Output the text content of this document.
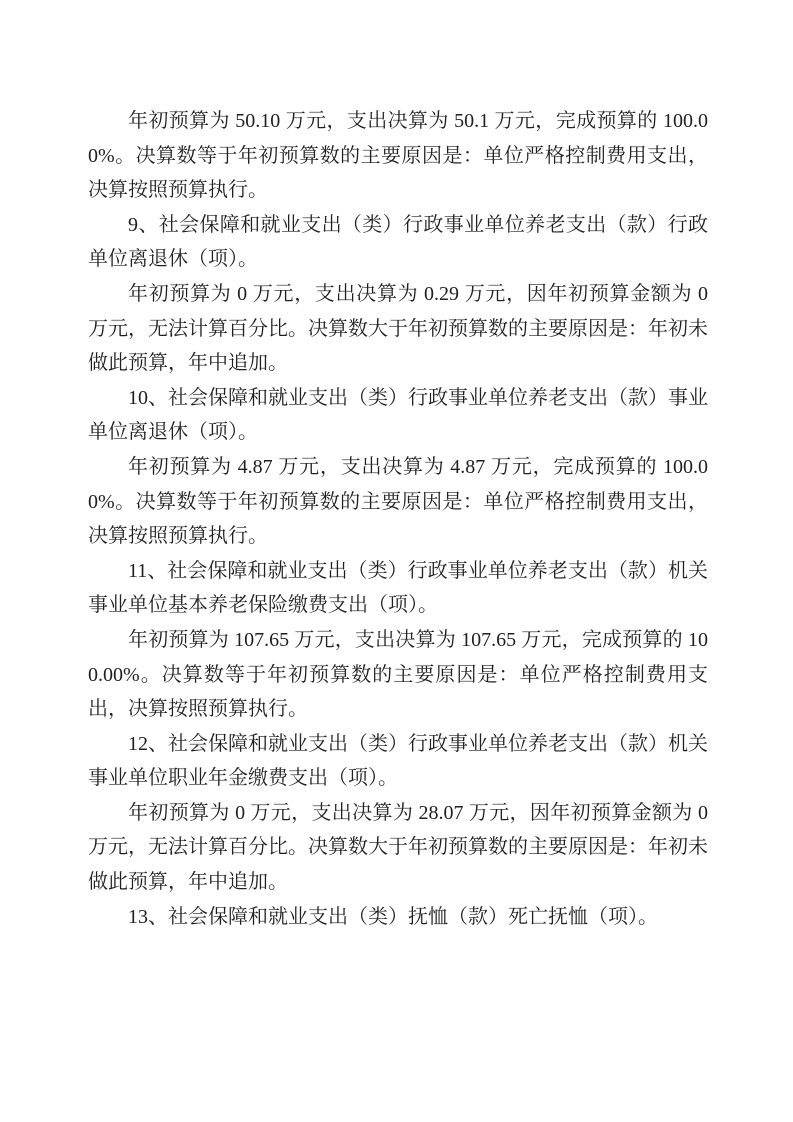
年初预算为 50.10 万元，支出决算为 50.1 万元，完成预算的 100.00%。决算数等于年初预算数的主要原因是：单位严格控制费用支出，决算按照预算执行。

9、社会保障和就业支出（类）行政事业单位养老支出（款）行政单位离退休（项）。

年初预算为 0 万元，支出决算为 0.29 万元，因年初预算金额为 0 万元，无法计算百分比。决算数大于年初预算数的主要原因是：年初未做此预算，年中追加。

10、社会保障和就业支出（类）行政事业单位养老支出（款）事业单位离退休（项）。

年初预算为 4.87 万元，支出决算为 4.87 万元，完成预算的 100.00%。决算数等于年初预算数的主要原因是：单位严格控制费用支出，决算按照预算执行。

11、社会保障和就业支出（类）行政事业单位养老支出（款）机关事业单位基本养老保险缴费支出（项）。

年初预算为 107.65 万元，支出决算为 107.65 万元，完成预算的 100.00%。决算数等于年初预算数的主要原因是：单位严格控制费用支出，决算按照预算执行。

12、社会保障和就业支出（类）行政事业单位养老支出（款）机关事业单位职业年金缴费支出（项）。

年初预算为 0 万元，支出决算为 28.07 万元，因年初预算金额为 0 万元，无法计算百分比。决算数大于年初预算数的主要原因是：年初未做此预算，年中追加。

13、社会保障和就业支出（类）抚恤（款）死亡抚恤（项）。
